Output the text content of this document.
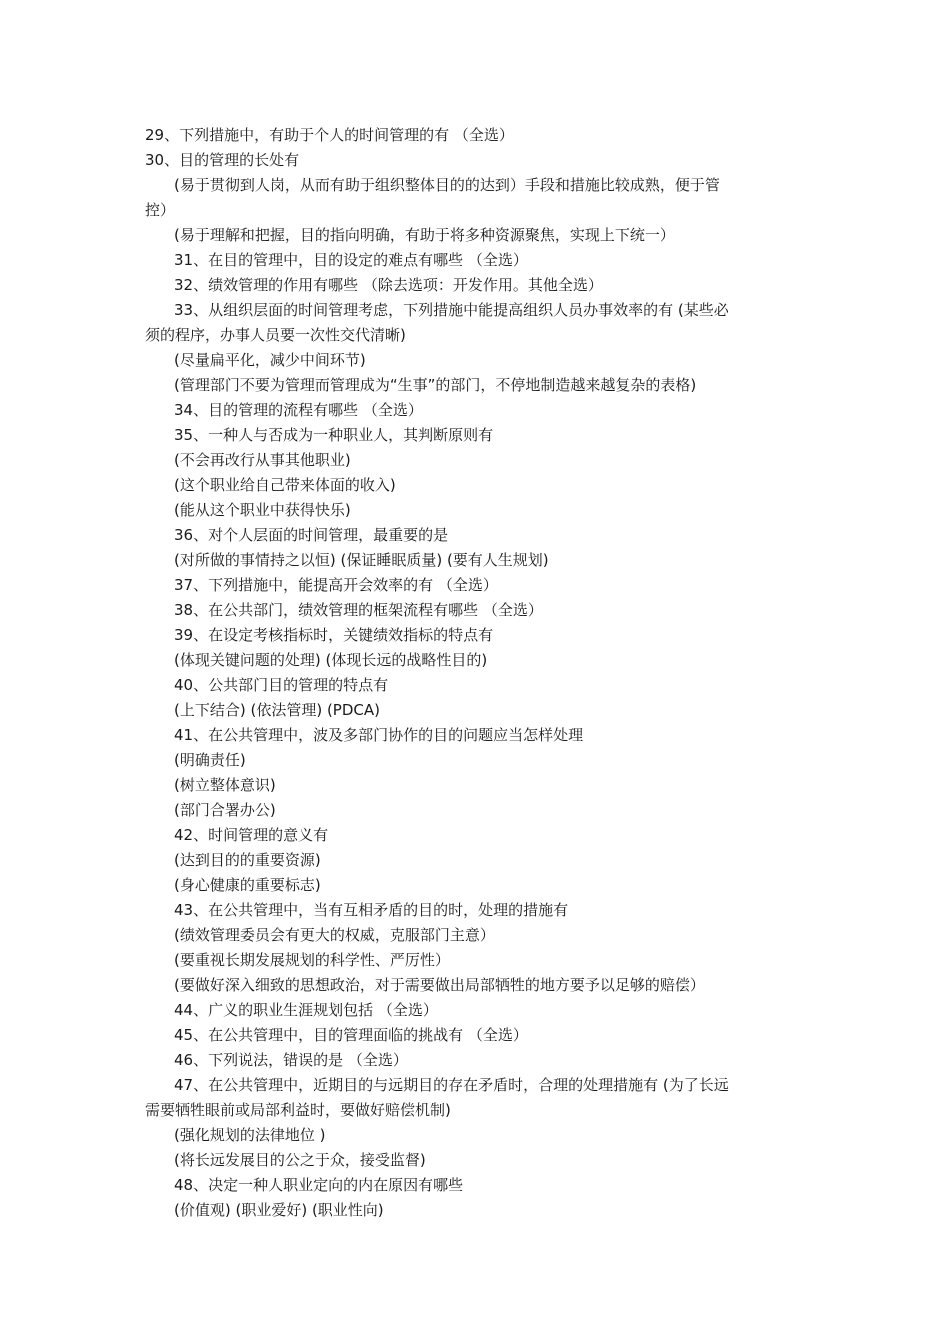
29、下列措施中，有助于个人的时间管理的有 （全选）
30、目的管理的长处有
(易于贯彻到人岗，从而有助于组织整体目的的达到）手段和措施比较成熟，便于管
控）
(易于理解和把握，目的指向明确，有助于将多种资源聚焦，实现上下统一）
31、在目的管理中，目的设定的难点有哪些 （全选）
32、绩效管理的作用有哪些 （除去选项：开发作用。其他全选）
33、从组织层面的时间管理考虑，下列措施中能提高组织人员办事效率的有 (某些必
须的程序，办事人员要一次性交代清晰)
(尽量扁平化，减少中间环节)
(管理部门不要为管理而管理成为“生事”的部门，不停地制造越来越复杂的表格)
34、目的管理的流程有哪些 （全选）
35、一种人与否成为一种职业人，其判断原则有
(不会再改行从事其他职业)
(这个职业给自己带来体面的收入)
(能从这个职业中获得快乐)
36、对个人层面的时间管理，最重要的是
(对所做的事情持之以恒) (保证睡眠质量) (要有人生规划)
37、下列措施中，能提高开会效率的有 （全选）
38、在公共部门，绩效管理的框架流程有哪些 （全选）
39、在设定考核指标时，关键绩效指标的特点有
(体现关键问题的处理) (体现长远的战略性目的)
40、公共部门目的管理的特点有
(上下结合) (依法管理) (PDCA)
41、在公共管理中，波及多部门协作的目的问题应当怎样处理
(明确责任)
(树立整体意识)
(部门合署办公)
42、时间管理的意义有
(达到目的的重要资源)
(身心健康的重要标志)
43、在公共管理中，当有互相矛盾的目的时，处理的措施有
(绩效管理委员会有更大的权威，克服部门主意）
(要重视长期发展规划的科学性、严厉性）
(要做好深入细致的思想政治，对于需要做出局部牺牲的地方要予以足够的赔偿）
44、广义的职业生涯规划包括 （全选）
45、在公共管理中，目的管理面临的挑战有 （全选）
46、下列说法，错误的是 （全选）
47、在公共管理中，近期目的与远期目的存在矛盾时，合理的处理措施有 (为了长远
需要牺牲眼前或局部利益时，要做好赔偿机制)
(强化规划的法律地位 )
(将长远发展目的公之于众，接受监督)
48、决定一种人职业定向的内在原因有哪些
(价值观) (职业爱好) (职业性向)
